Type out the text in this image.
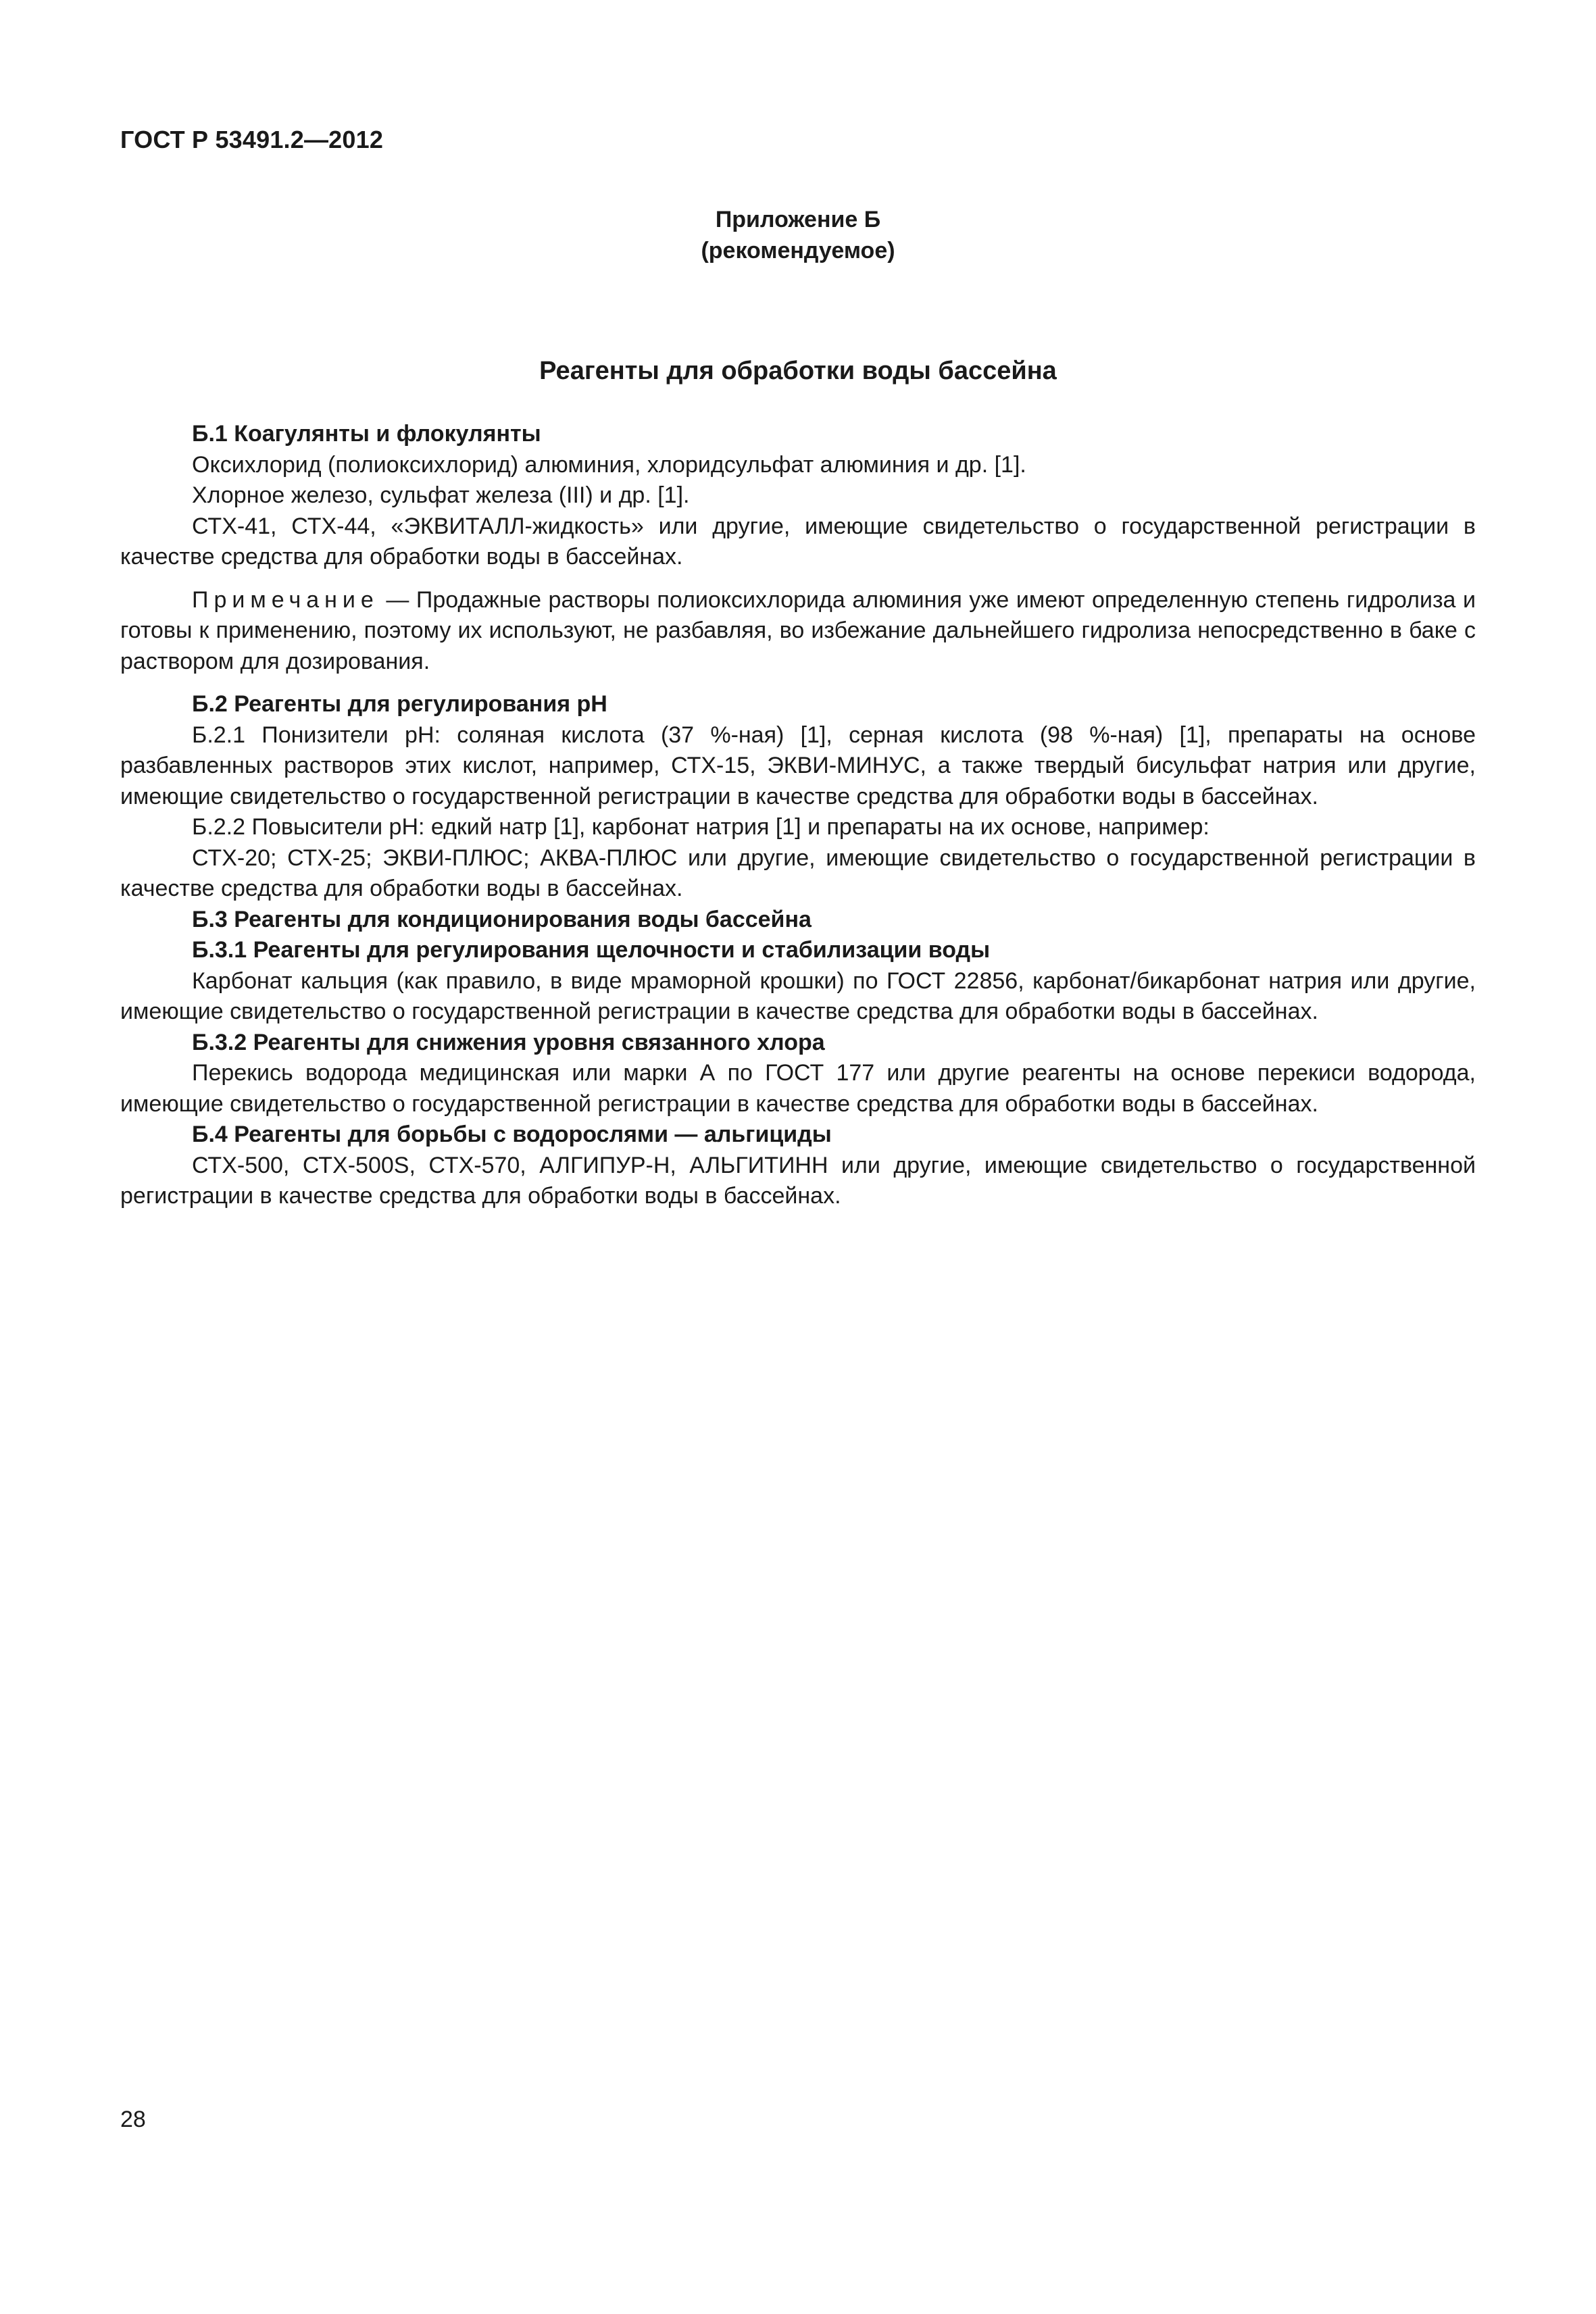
ГОСТ Р 53491.2—2012
Приложение Б
(рекомендуемое)
Реагенты для обработки воды бассейна

Б.1 Коагулянты и флокулянты

Оксихлорид (полиоксихлорид) алюминия, хлоридсульфат алюминия и др. [1].

Хлорное железо, сульфат железа (III) и др. [1].

СТХ-41, СТХ-44, «ЭКВИТАЛЛ-жидкость» или другие, имеющие свидетельство о государственной регистрации в качестве средства для обработки воды в бассейнах.

Примечание — Продажные растворы полиоксихлорида алюминия уже имеют определенную степень гидролиза и готовы к применению, поэтому их используют, не разбавляя, во избежание дальнейшего гидролиза непосредственно в баке с раствором для дозирования.

Б.2 Реагенты для регулирования pH

Б.2.1 Понизители pH: соляная кислота (37 %-ная) [1], серная кислота (98 %-ная) [1], препараты на основе разбавленных растворов этих кислот, например, СТХ-15, ЭКВИ-МИНУС, а также твердый бисульфат натрия или другие, имеющие свидетельство о государственной регистрации в качестве средства для обработки воды в бассейнах.

Б.2.2 Повысители pH: едкий натр [1], карбонат натрия [1] и препараты на их основе, например:

СТХ-20; СТХ-25; ЭКВИ-ПЛЮС; АКВА-ПЛЮС или другие, имеющие свидетельство о государственной регистрации в качестве средства для обработки воды в бассейнах.

Б.3 Реагенты для кондиционирования воды бассейна

Б.3.1 Реагенты для регулирования щелочности и стабилизации воды

Карбонат кальция (как правило, в виде мраморной крошки) по ГОСТ 22856, карбонат/бикарбонат натрия или другие, имеющие свидетельство о государственной регистрации в качестве средства для обработки воды в бассейнах.

Б.3.2 Реагенты для снижения уровня связанного хлора

Перекись водорода медицинская или марки А по ГОСТ 177 или другие реагенты на основе перекиси водорода, имеющие свидетельство о государственной регистрации в качестве средства для обработки воды в бассейнах.

Б.4 Реагенты для борьбы с водорослями — альгициды

СТХ-500, СТХ-500S, СТХ-570, АЛГИПУР-Н, АЛЬГИТИНН или другие, имеющие свидетельство о государственной регистрации в качестве средства для обработки воды в бассейнах.

28
